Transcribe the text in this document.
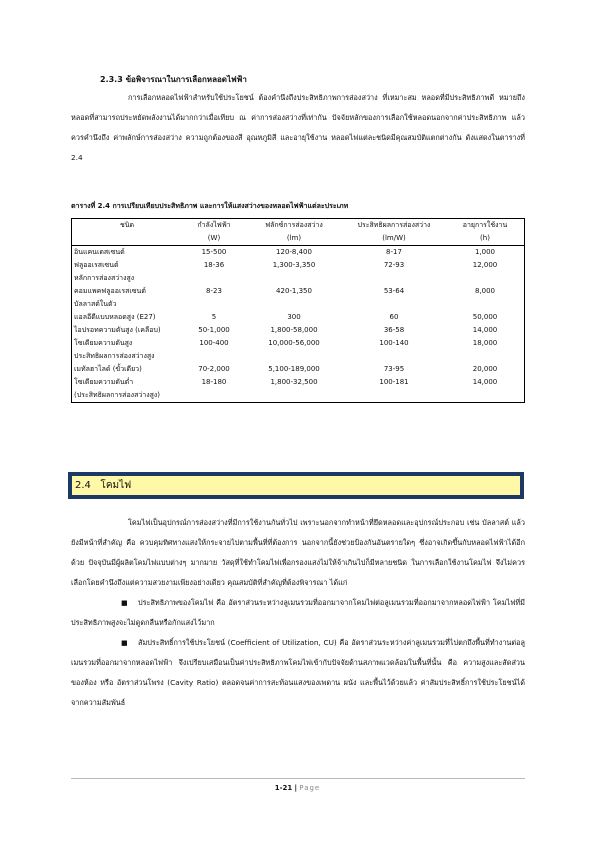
2.3.3 ข้อพิจารณาในการเลือกหลอดไฟฟ้า
การเลือกหลอดไฟฟ้าสำหรับใช้ประโยชน์ ต้องคำนึงถึงประสิทธิภาพการส่องสว่าง ที่เหมาะสม หลอดที่มีประสิทธิภาพดี หมายถึงหลอดที่สามารถประหยัดพลังงานได้มากกว่าเมื่อเทียบ ณ ค่าการส่องสว่างที่เท่ากัน ปัจจัยหลักของการเลือกใช้หลอดนอกจากค่าประสิทธิภาพ แล้วควรคำนึงถึง ค่าพลักษ์การส่องสว่าง ความถูกต้องของสี อุณหภูมิสี และอายุใช้งาน หลอดไฟแต่ละชนิดมีคุณสมบัติแตกต่างกัน ดังแสดงในตารางที่ 2.4
ตารางที่ 2.4 การเปรียบเทียบประสิทธิภาพ และการให้แสงสว่างของหลอดไฟฟ้าแต่ละประเภท
ชนิด	กำลังไฟฟ้า	ฟลักซ์การส่องสว่าง	ประสิทธิผลการส่องสว่าง	อายุการใช้งาน
	(W)	(lm)	(lm/W)	(h)
อินแคนเดสเซนต์	15-500	120-8,400	8-17	1,000
ฟลูออเรสเซนต์
หลักการส่องสว่างสูง	18-36	1,300-3,350	72-93	12,000
คอมแพคฟลูออเรสเซนต์
บัลลาสต์ในตัว	8-23	420-1,350	53-64	8,000
แอลอีดีแบบหลอดสูง (E27)	5	300	60	50,000
ไอปรอทความดันสูง (เคลือบ)	50-1,000	1,800-58,000	36-58	14,000
โซเดียมความดันสูง
ประสิทธิผลการส่องสว่างสูง	100-400	10,000-56,000	100-140	18,000
เมทัลฮาไลด์ (ขั้วเดียว)	70-2,000	5,100-189,000	73-95	20,000
โซเดียมความดันต่ำ
(ประสิทธิผลการส่องสว่างสูง)	18-180	1,800-32,500	100-181	14,000
2.4 โคมไฟ
โคมไฟเป็นอุปกรณ์การส่องสว่างที่มีการใช้งานกันทั่วไป เพราะนอกจากทำหน้าที่ยึดหลอดและอุปกรณ์ประกอบ เช่น บัลลาสต์ แล้ว ยังมีหน้าที่สำคัญ คือ ควบคุมทิศทางแสงให้กระจายไปตามพื้นที่ที่ต้องการ นอกจากนี้ยังช่วยป้องกันอันตรายใดๆ ซึ่งอาจเกิดขึ้นกับหลอดไฟฟ้าได้อีกด้วย ปัจจุบันมีผู้ผลิตโคมไฟแบบต่างๆ มากมาย วัสดุที่ใช้ทำโคมไฟเพื่อกรองแสงไม่ให้จ้าเกินไปก็มีหลายชนิด ในการเลือกใช้งานโคมไฟ จึงไม่ควรเลือกโดยคำนึงถึงแต่ความสวยงามเพียงอย่างเดียว คุณสมบัติที่สำคัญที่ต้องพิจารณา ได้แก่
■ ประสิทธิภาพของโคมไฟ คือ อัตราส่วนระหว่างลูเมนรวมที่ออกมาจากโคมไฟต่อลูเมนรวมที่ออกมาจากหลอดไฟฟ้า โคมไฟที่มีประสิทธิภาพสูงจะไม่ดูดกลืนหรือกักแสงไว้มาก
■ สัมประสิทธิ์การใช้ประโยชน์ (Coefficient of Utilization, CU) คือ อัตราส่วนระหว่างค่าลูเมนรวมที่ไปตกถึงพื้นที่ทำงานต่อลูเมนรวมที่ออกมาจากหลอดไฟฟ้า จึงเปรียบเสมือนเป็นค่าประสิทธิภาพโคมไฟเข้ากับปัจจัยด้านสภาพแวดล้อมในพื้นที่นั้น คือ ความสูงและสัดส่วนของห้อง หรือ อัตราส่วนโพรง (Cavity Ratio) ตลอดจนค่าการสะท้อนแสงของเพดาน ผนัง และพื้นไว้ด้วยแล้ว ค่าสัมประสิทธิ์การใช้ประโยชน์ได้จากความสัมพันธ์
1-21 | Page
